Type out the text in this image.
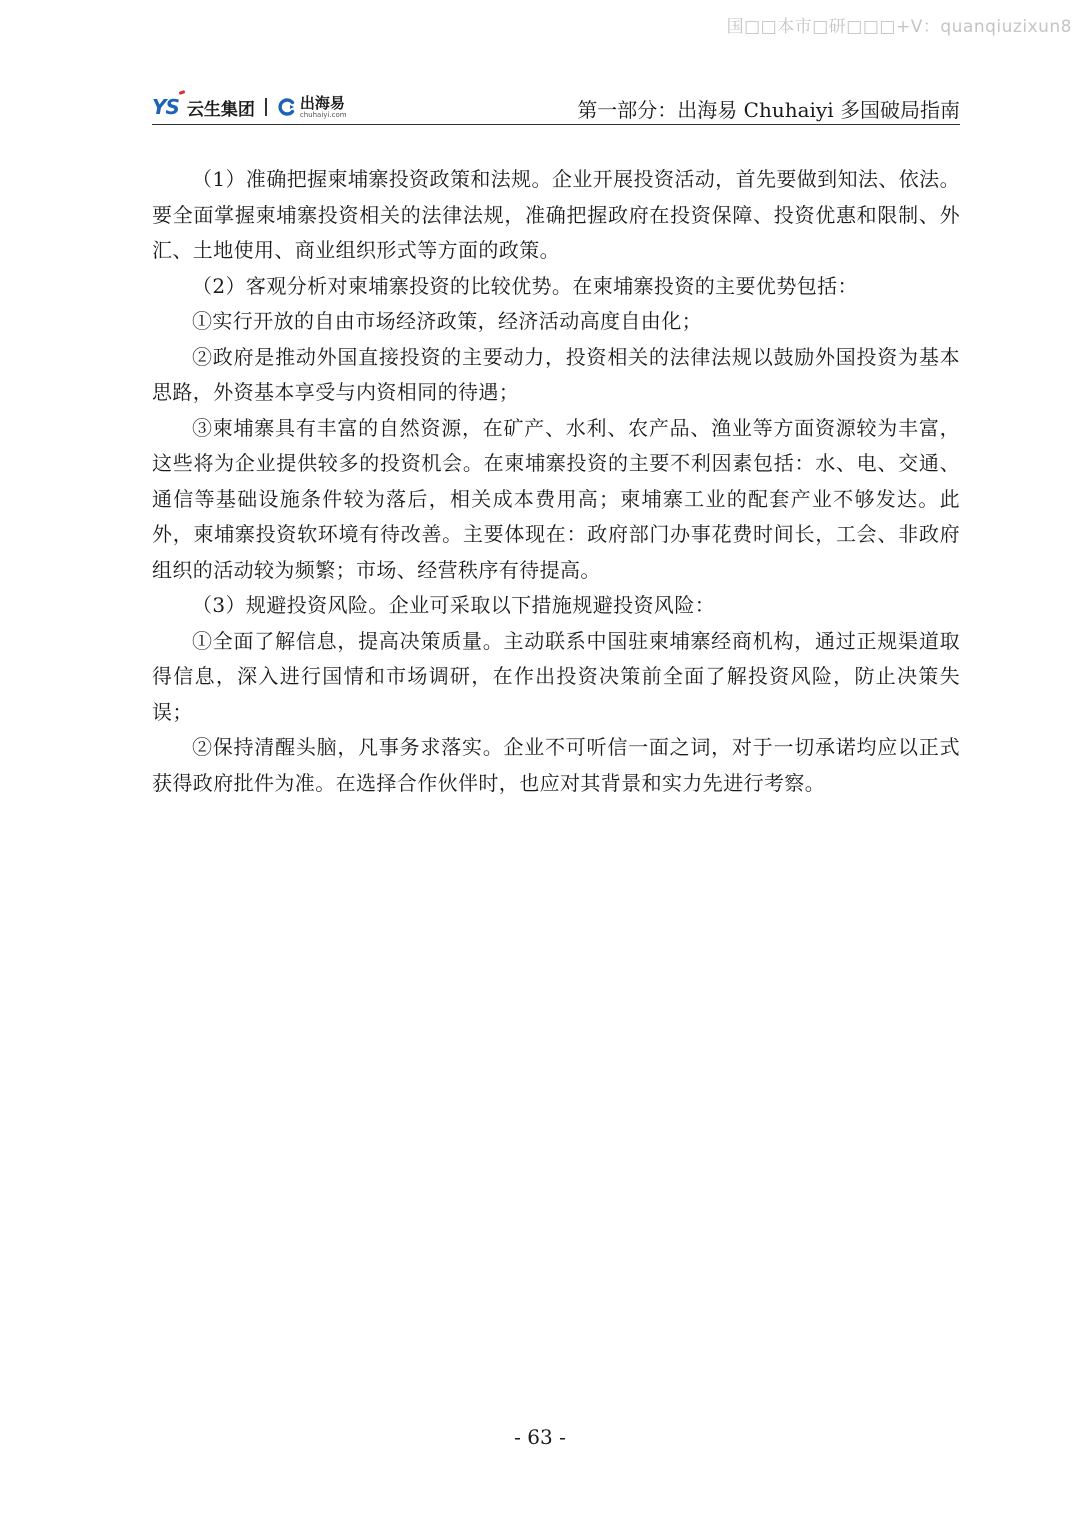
国□□本市□研□□□+V：quanqiuzixun8
YS 云生集团	出海易
chuhaiyi.com	第一部分：出海易 Chuhaiyi 多国破局指南

（1）准确把握柬埔寨投资政策和法规。企业开展投资活动，首先要做到知法、依法。要全面掌握柬埔寨投资相关的法律法规，准确把握政府在投资保障、投资优惠和限制、外汇、土地使用、商业组织形式等方面的政策。

（2）客观分析对柬埔寨投资的比较优势。在柬埔寨投资的主要优势包括：

①实行开放的自由市场经济政策，经济活动高度自由化；

②政府是推动外国直接投资的主要动力，投资相关的法律法规以鼓励外国投资为基本思路，外资基本享受与内资相同的待遇；

③柬埔寨具有丰富的自然资源，在矿产、水利、农产品、渔业等方面资源较为丰富，这些将为企业提供较多的投资机会。在柬埔寨投资的主要不利因素包括：水、电、交通、通信等基础设施条件较为落后，相关成本费用高；柬埔寨工业的配套产业不够发达。此外，柬埔寨投资软环境有待改善。主要体现在：政府部门办事花费时间长，工会、非政府组织的活动较为频繁；市场、经营秩序有待提高。

（3）规避投资风险。企业可采取以下措施规避投资风险：

①全面了解信息，提高决策质量。主动联系中国驻柬埔寨经商机构，通过正规渠道取得信息，深入进行国情和市场调研，在作出投资决策前全面了解投资风险，防止决策失误；

②保持清醒头脑，凡事务求落实。企业不可听信一面之词，对于一切承诺均应以正式获得政府批件为准。在选择合作伙伴时，也应对其背景和实力先进行考察。

- 63 -
